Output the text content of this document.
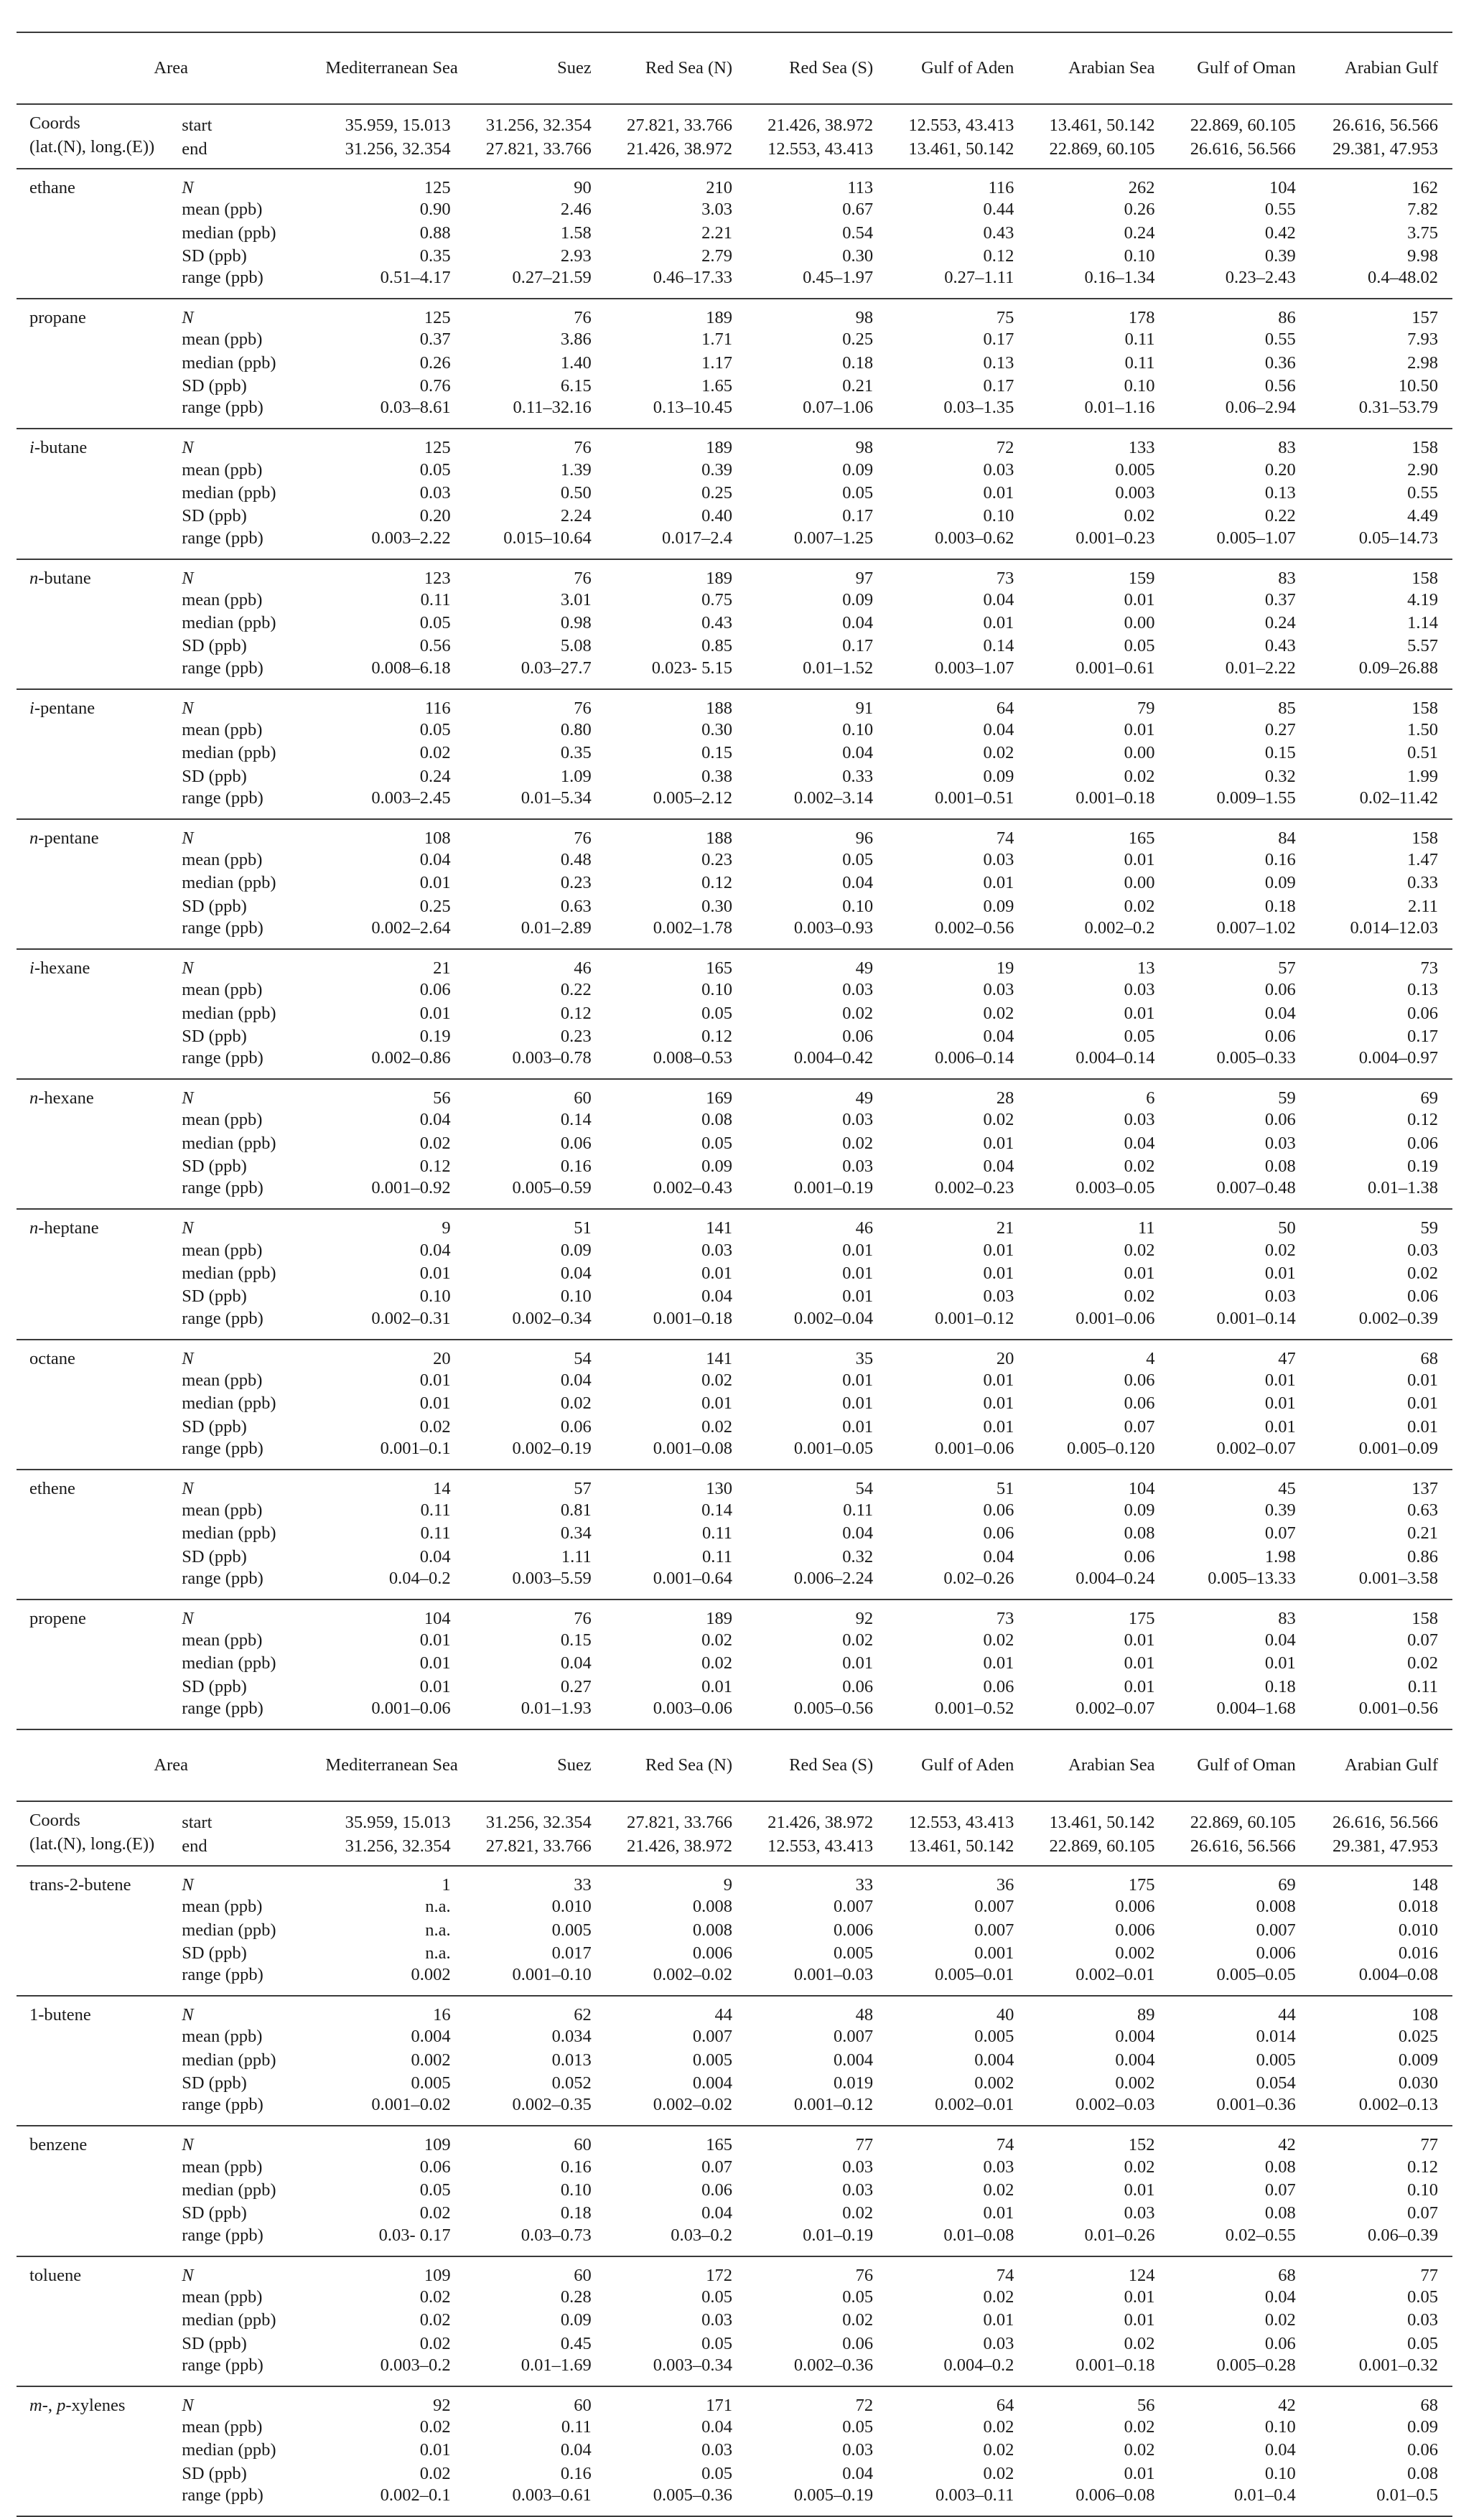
Area		Mediterranean Sea	Suez	Red Sea (N)	Red Sea (S)	Gulf of Aden	Arabian Sea	Gulf of Oman	Arabian Gulf
Coords	start	35.959, 15.013	31.256, 32.354	27.821, 33.766	21.426, 38.972	12.553, 43.413	13.461, 50.142	22.869, 60.105	26.616, 56.566
(lat.(N), long.(E))	end	31.256, 32.354	27.821, 33.766	21.426, 38.972	12.553, 43.413	13.461, 50.142	22.869, 60.105	26.616, 56.566	29.381, 47.953
ethane	N	125	90	210	113	116	262	104	162
	mean (ppb)	0.90	2.46	3.03	0.67	0.44	0.26	0.55	7.82
	median (ppb)	0.88	1.58	2.21	0.54	0.43	0.24	0.42	3.75
	SD (ppb)	0.35	2.93	2.79	0.30	0.12	0.10	0.39	9.98
	range (ppb)	0.51–4.17	0.27–21.59	0.46–17.33	0.45–1.97	0.27–1.11	0.16–1.34	0.23–2.43	0.4–48.02
propane	N	125	76	189	98	75	178	86	157
	mean (ppb)	0.37	3.86	1.71	0.25	0.17	0.11	0.55	7.93
	median (ppb)	0.26	1.40	1.17	0.18	0.13	0.11	0.36	2.98
	SD (ppb)	0.76	6.15	1.65	0.21	0.17	0.10	0.56	10.50
	range (ppb)	0.03–8.61	0.11–32.16	0.13–10.45	0.07–1.06	0.03–1.35	0.01–1.16	0.06–2.94	0.31–53.79
i-butane	N	125	76	189	98	72	133	83	158
	mean (ppb)	0.05	1.39	0.39	0.09	0.03	0.005	0.20	2.90
	median (ppb)	0.03	0.50	0.25	0.05	0.01	0.003	0.13	0.55
	SD (ppb)	0.20	2.24	0.40	0.17	0.10	0.02	0.22	4.49
	range (ppb)	0.003–2.22	0.015–10.64	0.017–2.4	0.007–1.25	0.003–0.62	0.001–0.23	0.005–1.07	0.05–14.73
n-butane	N	123	76	189	97	73	159	83	158
	mean (ppb)	0.11	3.01	0.75	0.09	0.04	0.01	0.37	4.19
	median (ppb)	0.05	0.98	0.43	0.04	0.01	0.00	0.24	1.14
	SD (ppb)	0.56	5.08	0.85	0.17	0.14	0.05	0.43	5.57
	range (ppb)	0.008–6.18	0.03–27.7	0.023- 5.15	0.01–1.52	0.003–1.07	0.001–0.61	0.01–2.22	0.09–26.88
i-pentane	N	116	76	188	91	64	79	85	158
	mean (ppb)	0.05	0.80	0.30	0.10	0.04	0.01	0.27	1.50
	median (ppb)	0.02	0.35	0.15	0.04	0.02	0.00	0.15	0.51
	SD (ppb)	0.24	1.09	0.38	0.33	0.09	0.02	0.32	1.99
	range (ppb)	0.003–2.45	0.01–5.34	0.005–2.12	0.002–3.14	0.001–0.51	0.001–0.18	0.009–1.55	0.02–11.42
n-pentane	N	108	76	188	96	74	165	84	158
	mean (ppb)	0.04	0.48	0.23	0.05	0.03	0.01	0.16	1.47
	median (ppb)	0.01	0.23	0.12	0.04	0.01	0.00	0.09	0.33
	SD (ppb)	0.25	0.63	0.30	0.10	0.09	0.02	0.18	2.11
	range (ppb)	0.002–2.64	0.01–2.89	0.002–1.78	0.003–0.93	0.002–0.56	0.002–0.2	0.007–1.02	0.014–12.03
i-hexane	N	21	46	165	49	19	13	57	73
	mean (ppb)	0.06	0.22	0.10	0.03	0.03	0.03	0.06	0.13
	median (ppb)	0.01	0.12	0.05	0.02	0.02	0.01	0.04	0.06
	SD (ppb)	0.19	0.23	0.12	0.06	0.04	0.05	0.06	0.17
	range (ppb)	0.002–0.86	0.003–0.78	0.008–0.53	0.004–0.42	0.006–0.14	0.004–0.14	0.005–0.33	0.004–0.97
n-hexane	N	56	60	169	49	28	6	59	69
	mean (ppb)	0.04	0.14	0.08	0.03	0.02	0.03	0.06	0.12
	median (ppb)	0.02	0.06	0.05	0.02	0.01	0.04	0.03	0.06
	SD (ppb)	0.12	0.16	0.09	0.03	0.04	0.02	0.08	0.19
	range (ppb)	0.001–0.92	0.005–0.59	0.002–0.43	0.001–0.19	0.002–0.23	0.003–0.05	0.007–0.48	0.01–1.38
n-heptane	N	9	51	141	46	21	11	50	59
	mean (ppb)	0.04	0.09	0.03	0.01	0.01	0.02	0.02	0.03
	median (ppb)	0.01	0.04	0.01	0.01	0.01	0.01	0.01	0.02
	SD (ppb)	0.10	0.10	0.04	0.01	0.03	0.02	0.03	0.06
	range (ppb)	0.002–0.31	0.002–0.34	0.001–0.18	0.002–0.04	0.001–0.12	0.001–0.06	0.001–0.14	0.002–0.39
octane	N	20	54	141	35	20	4	47	68
	mean (ppb)	0.01	0.04	0.02	0.01	0.01	0.06	0.01	0.01
	median (ppb)	0.01	0.02	0.01	0.01	0.01	0.06	0.01	0.01
	SD (ppb)	0.02	0.06	0.02	0.01	0.01	0.07	0.01	0.01
	range (ppb)	0.001–0.1	0.002–0.19	0.001–0.08	0.001–0.05	0.001–0.06	0.005–0.120	0.002–0.07	0.001–0.09
ethene	N	14	57	130	54	51	104	45	137
	mean (ppb)	0.11	0.81	0.14	0.11	0.06	0.09	0.39	0.63
	median (ppb)	0.11	0.34	0.11	0.04	0.06	0.08	0.07	0.21
	SD (ppb)	0.04	1.11	0.11	0.32	0.04	0.06	1.98	0.86
	range (ppb)	0.04–0.2	0.003–5.59	0.001–0.64	0.006–2.24	0.02–0.26	0.004–0.24	0.005–13.33	0.001–3.58
propene	N	104	76	189	92	73	175	83	158
	mean (ppb)	0.01	0.15	0.02	0.02	0.02	0.01	0.04	0.07
	median (ppb)	0.01	0.04	0.02	0.01	0.01	0.01	0.01	0.02
	SD (ppb)	0.01	0.27	0.01	0.06	0.06	0.01	0.18	0.11
	range (ppb)	0.001–0.06	0.01–1.93	0.003–0.06	0.005–0.56	0.001–0.52	0.002–0.07	0.004–1.68	0.001–0.56
Area		Mediterranean Sea	Suez	Red Sea (N)	Red Sea (S)	Gulf of Aden	Arabian Sea	Gulf of Oman	Arabian Gulf
Coords	start	35.959, 15.013	31.256, 32.354	27.821, 33.766	21.426, 38.972	12.553, 43.413	13.461, 50.142	22.869, 60.105	26.616, 56.566
(lat.(N), long.(E))	end	31.256, 32.354	27.821, 33.766	21.426, 38.972	12.553, 43.413	13.461, 50.142	22.869, 60.105	26.616, 56.566	29.381, 47.953
trans-2-butene	N	1	33	9	33	36	175	69	148
	mean (ppb)	n.a.	0.010	0.008	0.007	0.007	0.006	0.008	0.018
	median (ppb)	n.a.	0.005	0.008	0.006	0.007	0.006	0.007	0.010
	SD (ppb)	n.a.	0.017	0.006	0.005	0.001	0.002	0.006	0.016
	range (ppb)	0.002	0.001–0.10	0.002–0.02	0.001–0.03	0.005–0.01	0.002–0.01	0.005–0.05	0.004–0.08
1-butene	N	16	62	44	48	40	89	44	108
	mean (ppb)	0.004	0.034	0.007	0.007	0.005	0.004	0.014	0.025
	median (ppb)	0.002	0.013	0.005	0.004	0.004	0.004	0.005	0.009
	SD (ppb)	0.005	0.052	0.004	0.019	0.002	0.002	0.054	0.030
	range (ppb)	0.001–0.02	0.002–0.35	0.002–0.02	0.001–0.12	0.002–0.01	0.002–0.03	0.001–0.36	0.002–0.13
benzene	N	109	60	165	77	74	152	42	77
	mean (ppb)	0.06	0.16	0.07	0.03	0.03	0.02	0.08	0.12
	median (ppb)	0.05	0.10	0.06	0.03	0.02	0.01	0.07	0.10
	SD (ppb)	0.02	0.18	0.04	0.02	0.01	0.03	0.08	0.07
	range (ppb)	0.03- 0.17	0.03–0.73	0.03–0.2	0.01–0.19	0.01–0.08	0.01–0.26	0.02–0.55	0.06–0.39
toluene	N	109	60	172	76	74	124	68	77
	mean (ppb)	0.02	0.28	0.05	0.05	0.02	0.01	0.04	0.05
	median (ppb)	0.02	0.09	0.03	0.02	0.01	0.01	0.02	0.03
	SD (ppb)	0.02	0.45	0.05	0.06	0.03	0.02	0.06	0.05
	range (ppb)	0.003–0.2	0.01–1.69	0.003–0.34	0.002–0.36	0.004–0.2	0.001–0.18	0.005–0.28	0.001–0.32
m-, p-xylenes	N	92	60	171	72	64	56	42	68
	mean (ppb)	0.02	0.11	0.04	0.05	0.02	0.02	0.10	0.09
	median (ppb)	0.01	0.04	0.03	0.03	0.02	0.02	0.04	0.06
	SD (ppb)	0.02	0.16	0.05	0.04	0.02	0.01	0.10	0.08
	range (ppb)	0.002–0.1	0.003–0.61	0.005–0.36	0.005–0.19	0.003–0.11	0.006–0.08	0.01–0.4	0.01–0.5
